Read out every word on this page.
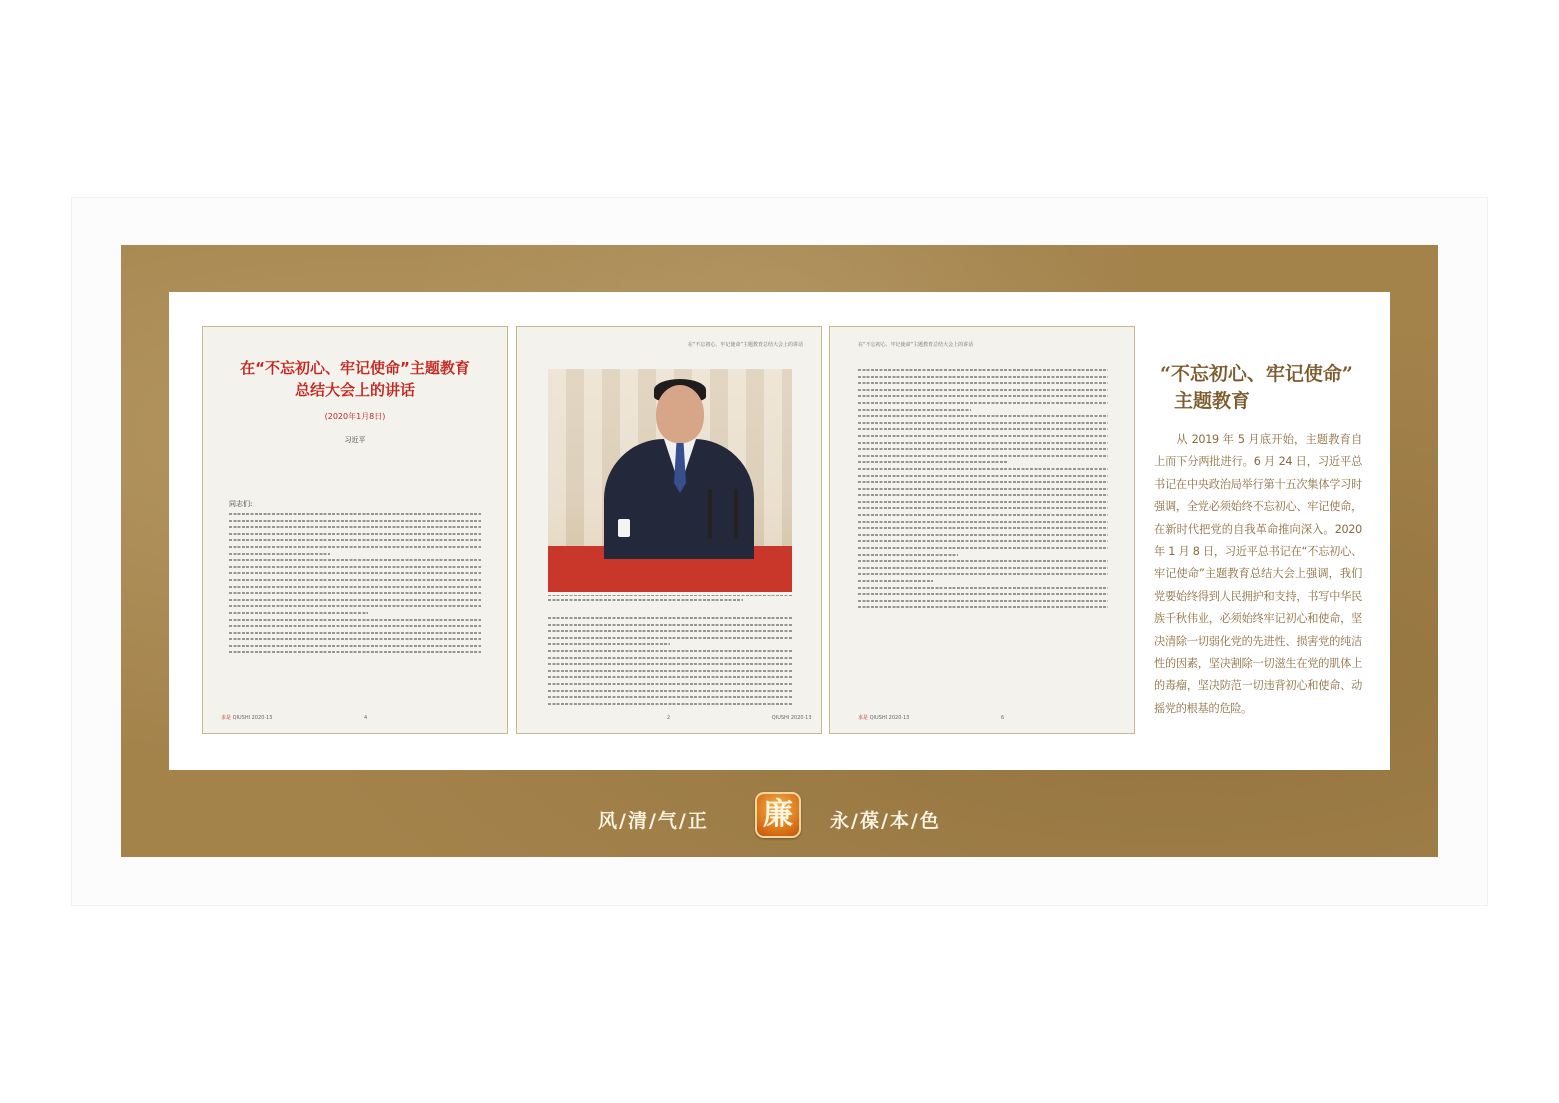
在“不忘初心、牢记使命”主题教育
总结大会上的讲话
(2020年1月8日)
习近平
同志们:
求是 QIUSHI 2020·13	4
在“不忘初心、牢记使命”主题教育总结大会上的讲话
2	QIUSHI 2020·13
在“不忘初心、牢记使命”主题教育总结大会上的讲话
求是 QIUSHI 2020·13	6
“不忘初心、牢记使命”
主题教育
从 2019 年 5 月底开始，主题教育自上而下分两批进行。6 月 24 日，习近平总书记在中央政治局举行第十五次集体学习时强调，全党必须始终不忘初心、牢记使命，在新时代把党的自我革命推向深入。2020 年 1 月 8 日，习近平总书记在“不忘初心、牢记使命”主题教育总结大会上强调，我们党要始终得到人民拥护和支持，书写中华民族千秋伟业，必须始终牢记初心和使命，坚决清除一切弱化党的先进性、损害党的纯洁性的因素，坚决割除一切滋生在党的肌体上的毒瘤，坚决防范一切违背初心和使命、动摇党的根基的危险。
风/清/气/正 廉	永/葆/本/色
